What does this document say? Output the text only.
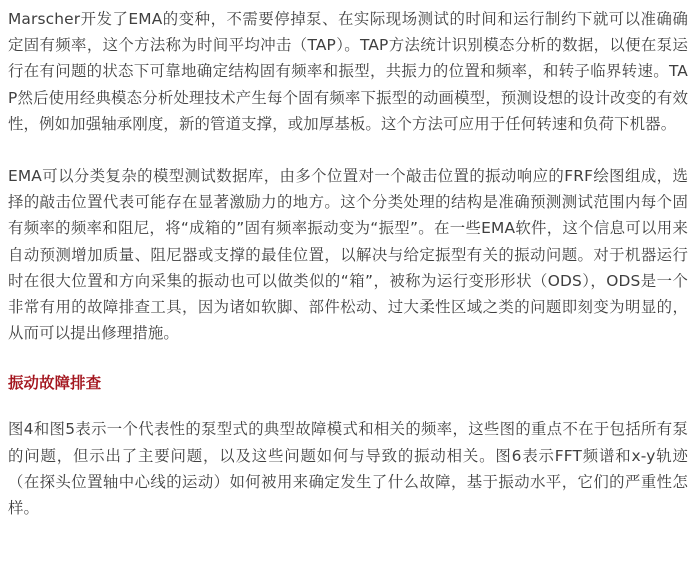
Marscher开发了EMA的变种，不需要停掉泵、在实际现场测试的时间和运行制约下就可以准确确定固有频率，这个方法称为时间平均冲击（TAP）。TAP方法统计识别模态分析的数据，以便在泵运行在有问题的状态下可靠地确定结构固有频率和振型，共振力的位置和频率，和转子临界转速。TAP然后使用经典模态分析处理技术产生每个固有频率下振型的动画模型，预测设想的设计改变的有效性，例如加强轴承刚度，新的管道支撑，或加厚基板。这个方法可应用于任何转速和负荷下机器。

EMA可以分类复杂的模型测试数据库，由多个位置对一个敲击位置的振动响应的FRF绘图组成，选择的敲击位置代表可能存在显著激励力的地方。这个分类处理的结构是准确预测测试范围内每个固有频率的频率和阻尼，将“成箱的”固有频率振动变为“振型”。在一些EMA软件，这个信息可以用来自动预测增加质量、阻尼器或支撑的最佳位置，以解决与给定振型有关的振动问题。对于机器运行时在很大位置和方向采集的振动也可以做类似的“箱”，被称为运行变形形状（ODS），ODS是一个非常有用的故障排查工具，因为诸如软脚、部件松动、过大柔性区域之类的问题即刻变为明显的，从而可以提出修理措施。

振动故障排查

图4和图5表示一个代表性的泵型式的典型故障模式和相关的频率，这些图的重点不在于包括所有泵的问题，但示出了主要问题，以及这些问题如何与导致的振动相关。图6表示FFT频谱和x-y轨迹（在探头位置轴中心线的运动）如何被用来确定发生了什么故障，基于振动水平，它们的严重性怎样。
